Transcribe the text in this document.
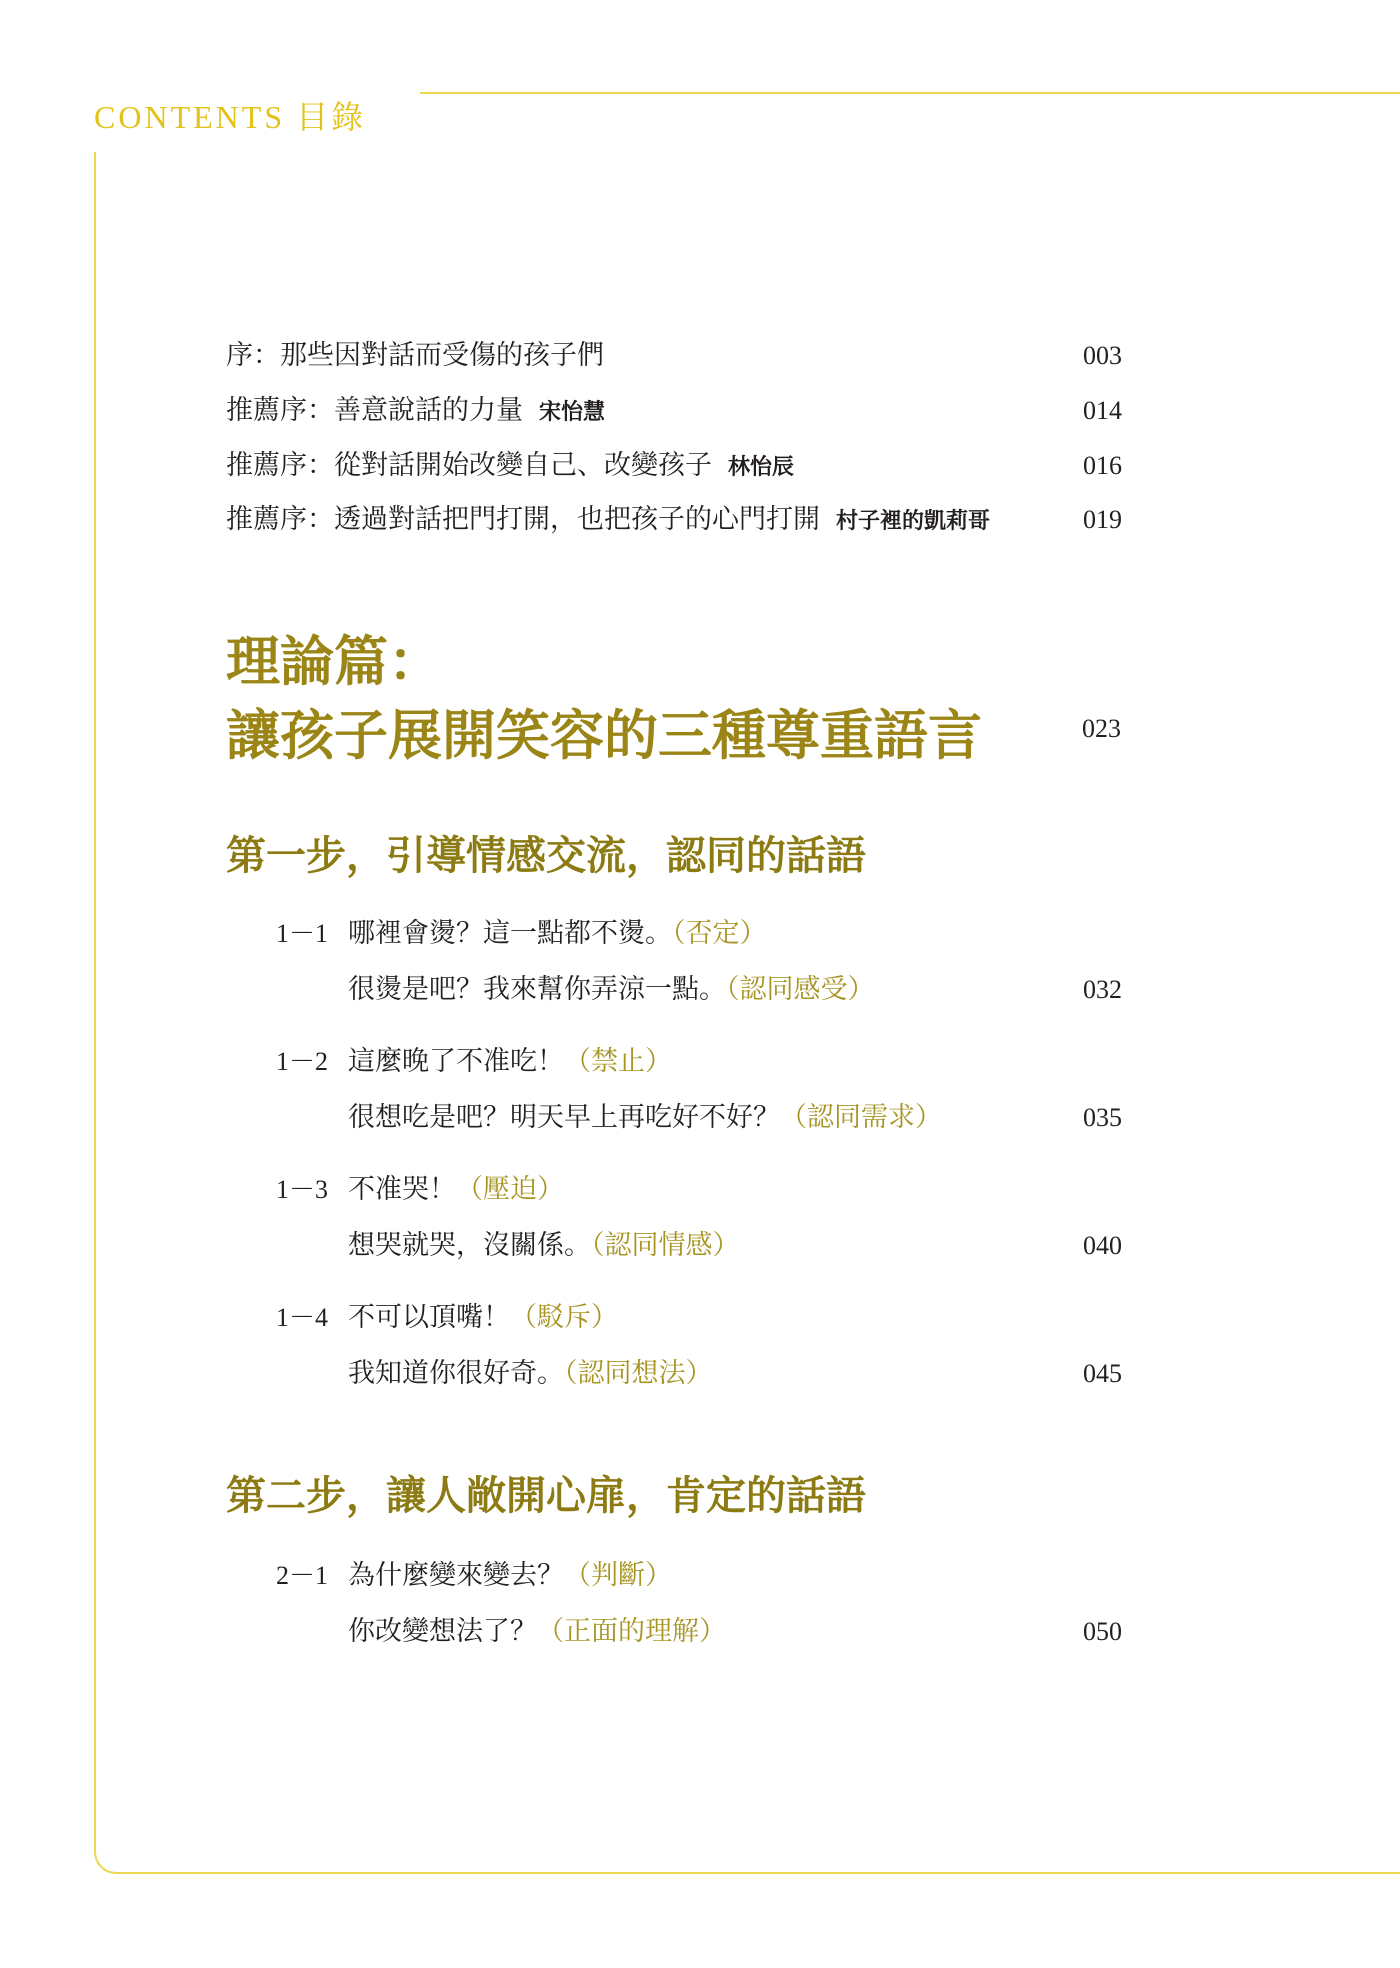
CONTENTS 目錄
序：那些因對話而受傷的孩子們	003
推薦序：善意說話的力量 宋怡慧	014
推薦序：從對話開始改變自己、改變孩子 林怡辰	016
推薦序：透過對話把門打開，也把孩子的心門打開 村子裡的凱莉哥	019
理論篇：
讓孩子展開笑容的三種尊重語言	023
第一步，引導情感交流，認同的話語
1－1 哪裡會燙？這一點都不燙。（否定）
很燙是吧？我來幫你弄涼一點。（認同感受）	032
1－2 這麼晚了不准吃！（禁止）
很想吃是吧？明天早上再吃好不好？（認同需求）	035
1－3 不准哭！（壓迫）
想哭就哭，沒關係。（認同情感）	040
1－4 不可以頂嘴！（駁斥）
我知道你很好奇。（認同想法）	045
第二步，讓人敞開心扉，肯定的話語
2－1 為什麼變來變去？（判斷）
你改變想法了？（正面的理解）	050
